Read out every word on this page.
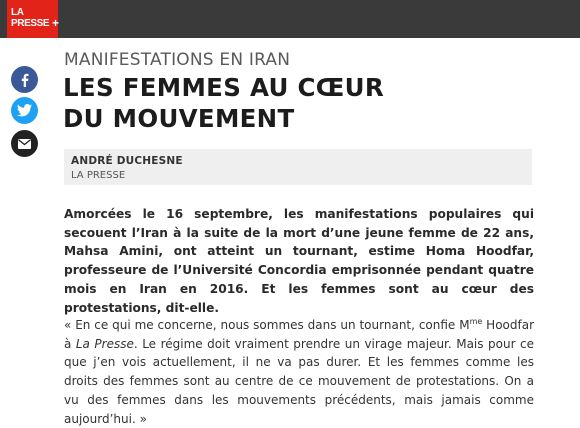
LA
PRESSE +
MANIFESTATIONS EN IRAN
LES FEMMES AU CŒUR
DU MOUVEMENT
ANDRÉ DUCHESNE
LA PRESSE

Amorcées le 16 septembre, les manifestations populaires qui secouent l’Iran à la suite de la mort d’une jeune femme de 22 ans, Mahsa Amini, ont atteint un tournant, estime Homa Hoodfar, professeure de l’Université Concordia emprisonnée pendant quatre mois en Iran en 2016. Et les femmes sont au cœur des protestations, dit-elle.

« En ce qui me concerne, nous sommes dans un tournant, confie $M^{me}$ Hoodfar à La Presse. Le régime doit vraiment prendre un virage majeur. Mais pour ce que j’en vois actuellement, il ne va pas durer. Et les femmes comme les droits des femmes sont au centre de ce mouvement de protestations. On a vu des femmes dans les mouvements précédents, mais jamais comme aujourd’hui. »
